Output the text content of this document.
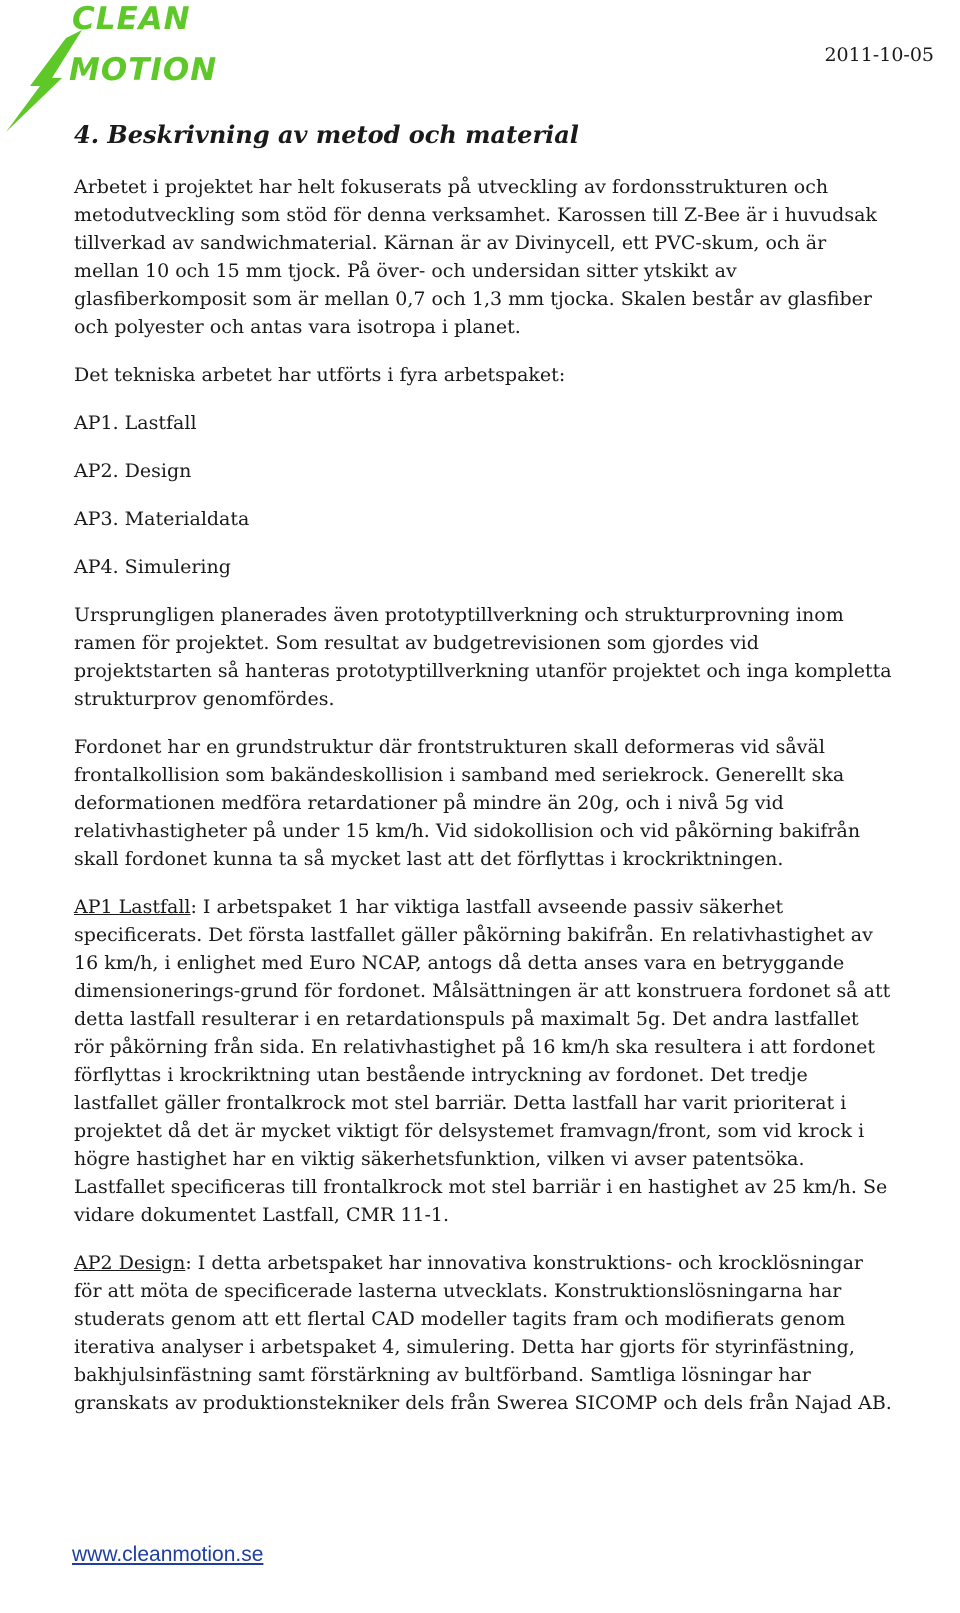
CLEAN
MOTION	2011-10-05
4. Beskrivning av metod och material

Arbetet i projektet har helt fokuserats på utveckling av fordonsstrukturen och metodutveckling som stöd för denna verksamhet. Karossen till Z-Bee är i huvudsak tillverkad av sandwichmaterial. Kärnan är av Divinycell, ett PVC-skum, och är mellan 10 och 15 mm tjock. På över- och undersidan sitter ytskikt av glasfiberkomposit som är mellan 0,7 och 1,3 mm tjocka. Skalen består av glasfiber och polyester och antas vara isotropa i planet.

Det tekniska arbetet har utförts i fyra arbetspaket:

AP1. Lastfall

AP2. Design

AP3. Materialdata

AP4. Simulering

Ursprungligen planerades även prototyptillverkning och strukturprovning inom ramen för projektet. Som resultat av budgetrevisionen som gjordes vid projektstarten så hanteras prototyptillverkning utanför projektet och inga kompletta strukturprov genomfördes.

Fordonet har en grundstruktur där frontstrukturen skall deformeras vid såväl frontalkollision som bakändeskollision i samband med seriekrock. Generellt ska deformationen medföra retardationer på mindre än 20g, och i nivå 5g vid relativhastigheter på under 15 km/h. Vid sidokollision och vid påkörning bakifrån skall fordonet kunna ta så mycket last att det förflyttas i krockriktningen.

AP1 Lastfall: I arbetspaket 1 har viktiga lastfall avseende passiv säkerhet specificerats. Det första lastfallet gäller påkörning bakifrån. En relativhastighet av 16 km/h, i enlighet med Euro NCAP, antogs då detta anses vara en betryggande dimensionerings-grund för fordonet. Målsättningen är att konstruera fordonet så att detta lastfall resulterar i en retardationspuls på maximalt 5g. Det andra lastfallet rör påkörning från sida. En relativhastighet på 16 km/h ska resultera i att fordonet förflyttas i krockriktning utan bestående intryckning av fordonet. Det tredje lastfallet gäller frontalkrock mot stel barriär. Detta lastfall har varit prioriterat i projektet då det är mycket viktigt för delsystemet framvagn/front, som vid krock i högre hastighet har en viktig säkerhetsfunktion, vilken vi avser patentsöka. Lastfallet specificeras till frontalkrock mot stel barriär i en hastighet av 25 km/h. Se vidare dokumentet Lastfall, CMR 11-1.

AP2 Design: I detta arbetspaket har innovativa konstruktions- och krocklösningar för att möta de specificerade lasterna utvecklats. Konstruktionslösningarna har studerats genom att ett flertal CAD modeller tagits fram och modifierats genom iterativa analyser i arbetspaket 4, simulering. Detta har gjorts för styrinfästning, bakhjulsinfästning samt förstärkning av bultförband. Samtliga lösningar har granskats av produktionstekniker dels från Swerea SICOMP och dels från Najad AB.

www.cleanmotion.se
